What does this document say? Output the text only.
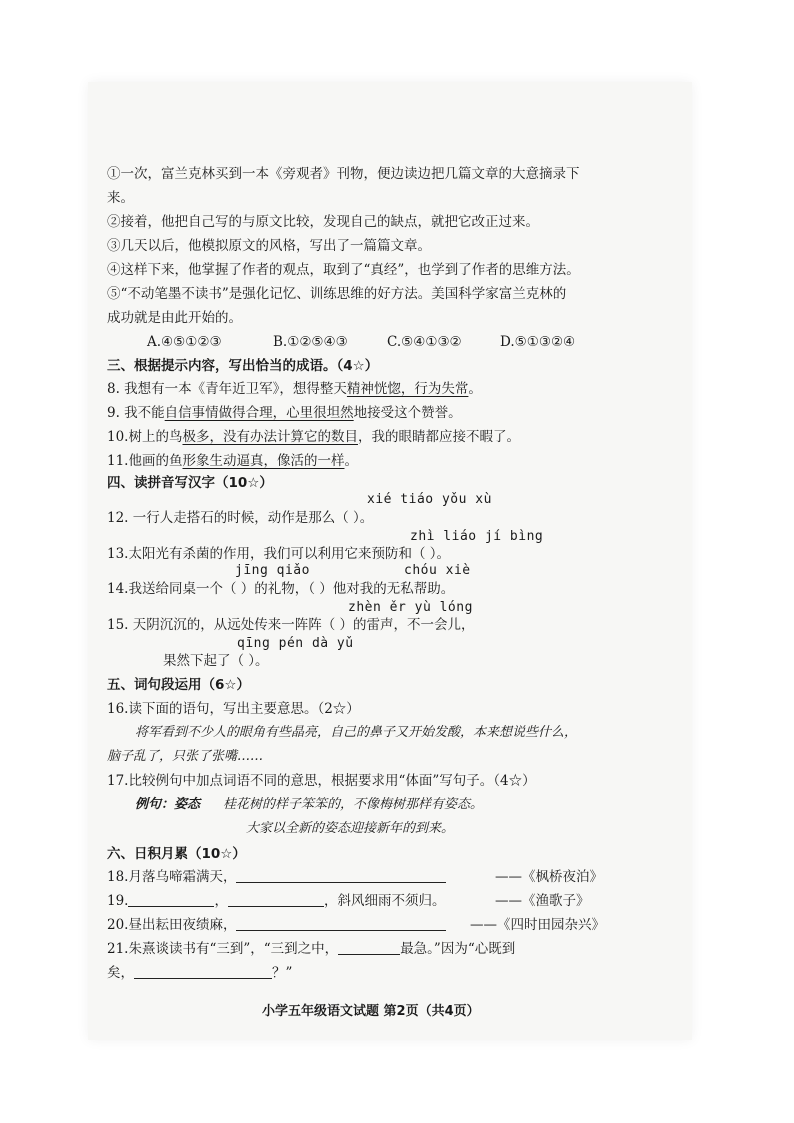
①一次，富兰克林买到一本《旁观者》刊物，便边读边把几篇文章的大意摘录下
来。
②接着，他把自己写的与原文比较，发现自己的缺点，就把它改正过来。
③几天以后，他模拟原文的风格，写出了一篇篇文章。
④这样下来，他掌握了作者的观点，取到了“真经”，也学到了作者的思维方法。
⑤“不动笔墨不读书”是强化记忆、训练思维的好方法。美国科学家富兰克林的
成功就是由此开始的。
A.④⑤①②③	B.①②⑤④③	C.⑤④①③②	D.⑤①③②④
三、根据提示内容，写出恰当的成语。（4☆）
8. 我想有一本《青年近卫军》，想得整天精神恍惚，行为失常。
9. 我不能自信事情做得合理，心里很坦然地接受这个赞誉。
10.树上的鸟极多，没有办法计算它的数目，我的眼睛都应接不暇了。
11.他画的鱼形象生动逼真，像活的一样。
四、读拼音写汉字（10☆）
xié tiáo yǒu xù
12. 一行人走搭石的时候，动作是那么（ ）。
zhì liáo jí bìng
13.太阳光有杀菌的作用，我们可以利用它来预防和（ ）。
jīng qiǎo	chóu xiè
14.我送给同桌一个（ ）的礼物，（ ）他对我的无私帮助。
zhèn ěr yù lóng
15. 天阴沉沉的，从远处传来一阵阵（ ）的雷声，不一会儿，
qīng pén dà yǔ
果然下起了（ ）。
五、词句段运用（6☆）
16.读下面的语句，写出主要意思。（2☆）
将军看到不少人的眼角有些晶亮，自己的鼻子又开始发酸，本来想说些什么，
脑子乱了，只张了张嘴……
17.比较例句中加点词语不同的意思，根据要求用“体面”写句子。（4☆）
例句：姿态 桂花树的样子笨笨的，不像梅树那样有姿态。
大家以全新的姿态迎接新年的到来。
六、日积月累（10☆）
18.月落乌啼霜满天，	——《枫桥夜泊》
19.	，	，斜风细雨不须归。	——《渔歌子》
20.昼出耘田夜绩麻，	——《四时田园杂兴》
21.朱熹谈读书有“三到”，“三到之中，	最急。”因为“心既到
矣，	？”
小学五年级语文试题 第2页（共4页）
